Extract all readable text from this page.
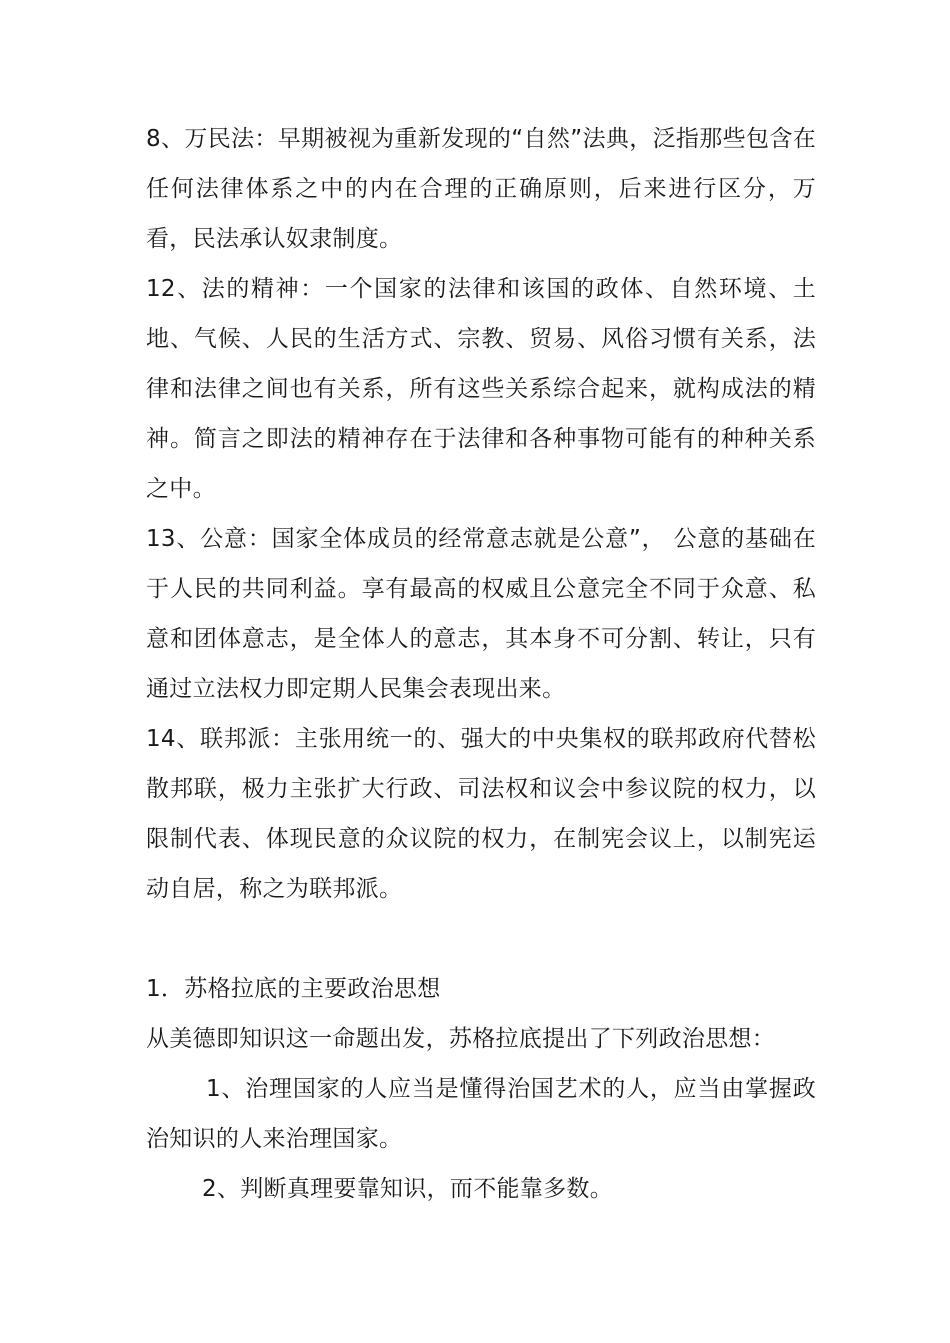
8、万民法：早期被视为重新发现的“自然”法典，泛指那些包含在任何法律体系之中的内在合理的正确原则，后来进行区分，万看，民法承认奴隶制度。

12、法的精神：一个国家的法律和该国的政体、自然环境、土地、气候、人民的生活方式、宗教、贸易、风俗习惯有关系，法律和法律之间也有关系，所有这些关系综合起来，就构成法的精神。简言之即法的精神存在于法律和各种事物可能有的种种关系之中。

13、公意：国家全体成员的经常意志就是公意”， 公意的基础在于人民的共同利益。享有最高的权威且公意完全不同于众意、私意和团体意志，是全体人的意志，其本身不可分割、转让，只有通过立法权力即定期人民集会表现出来。

14、联邦派：主张用统一的、强大的中央集权的联邦政府代替松散邦联，极力主张扩大行政、司法权和议会中参议院的权力，以限制代表、体现民意的众议院的权力，在制宪会议上，以制宪运动自居，称之为联邦派。

1．苏格拉底的主要政治思想

从美德即知识这一命题出发，苏格拉底提出了下列政治思想：

1、治理国家的人应当是懂得治国艺术的人，应当由掌握政治知识的人来治理国家。

2、判断真理要靠知识，而不能靠多数。
